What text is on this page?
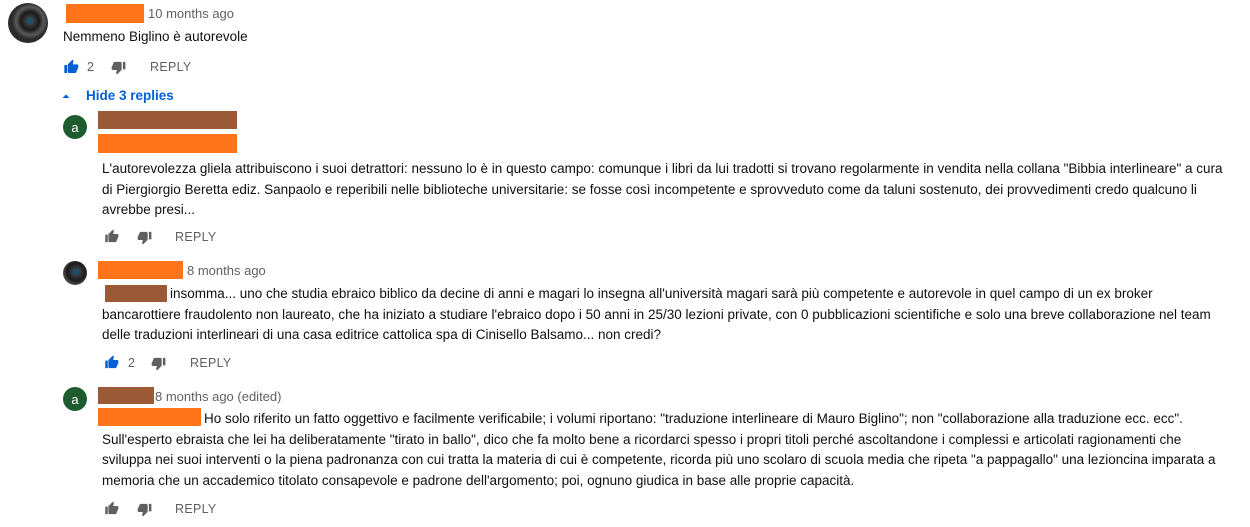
10 months ago
Nemmeno Biglino è autorevole
2	REPLY
Hide 3 replies
a
L'autorevolezza gliela attribuiscono i suoi detrattori: nessuno lo è in questo campo: comunque i libri da lui tradotti si trovano regolarmente in vendita nella collana "Bibbia interlineare" a cura di Piergiorgio Beretta ediz. Sanpaolo e reperibili nelle biblioteche universitarie: se fosse così incompetente e sprovveduto come da taluni sostenuto, dei provvedimenti credo qualcuno li avrebbe presi...
REPLY
8 months ago
insomma... uno che studia ebraico biblico da decine di anni e magari lo insegna all'università magari sarà più competente e autorevole in quel campo di un ex broker bancarottiere fraudolento non laureato, che ha iniziato a studiare l'ebraico dopo i 50 anni in 25/30 lezioni private, con 0 pubblicazioni scientifiche e solo una breve collaborazione nel team delle traduzioni interlineari di una casa editrice cattolica spa di Cinisello Balsamo... non credi?
2	REPLY
a	8 months ago (edited)
Ho solo riferito un fatto oggettivo e facilmente verificabile; i volumi riportano: "traduzione interlineare di Mauro Biglino"; non "collaborazione alla traduzione ecc. ecc". Sull'esperto ebraista che lei ha deliberatamente "tirato in ballo", dico che fa molto bene a ricordarci spesso i propri titoli perché ascoltandone i complessi e articolati ragionamenti che sviluppa nei suoi interventi o la piena padronanza con cui tratta la materia di cui è competente, ricorda più uno scolaro di scuola media che ripeta "a pappagallo" una lezioncina imparata a memoria che un accademico titolato consapevole e padrone dell'argomento; poi, ognuno giudica in base alle proprie capacità.
REPLY
